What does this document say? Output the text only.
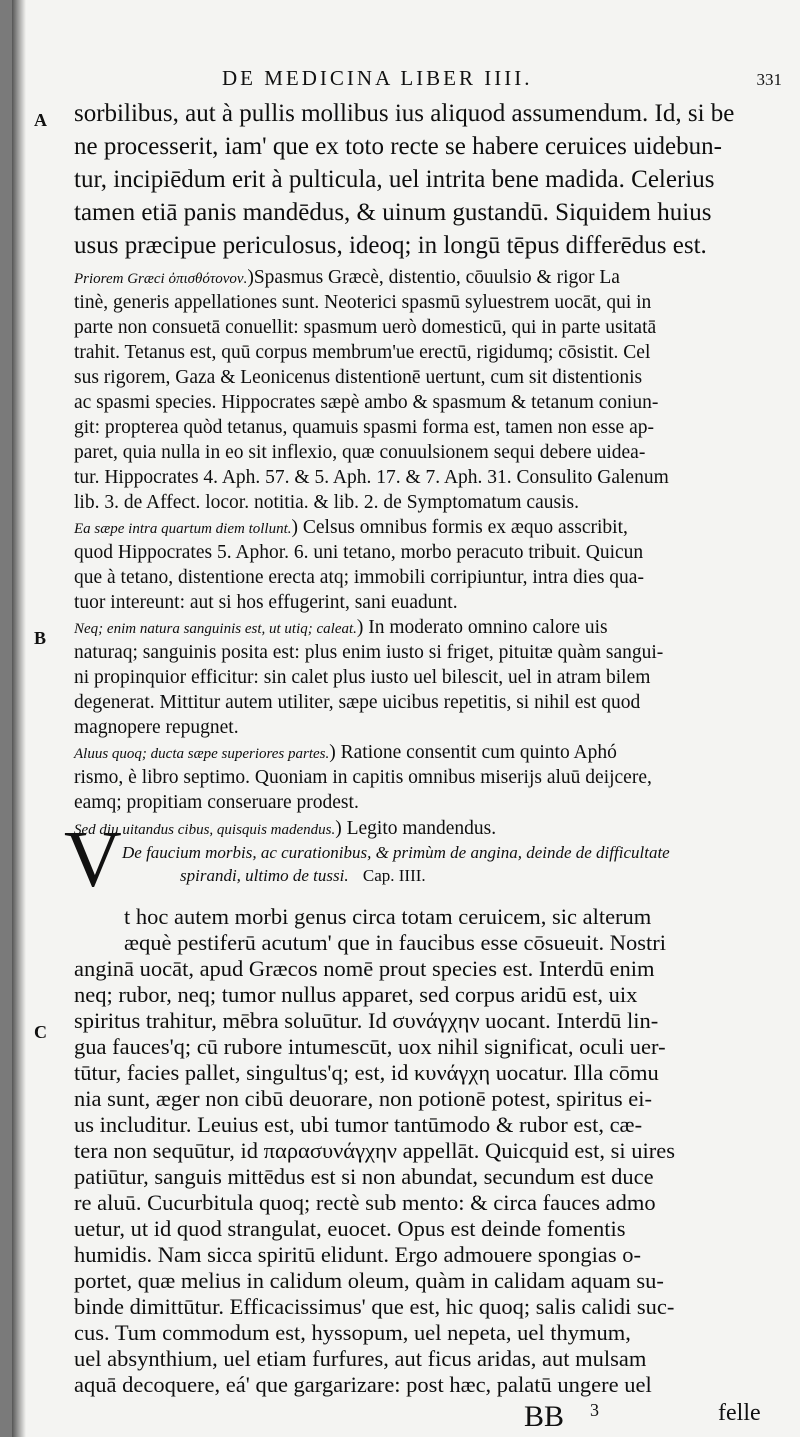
DE MEDICINA LIBER IIII.	331
A
B
C
sorbilibus, aut à pullis mollibus ius aliquod assumendum. Id, si be
ne processerit, iam' que ex toto recte se habere ceruices uidebun-
tur, incipiēdum erit à pulticula, uel intrita bene madida. Celerius
tamen etiā panis mandēdus, & uinum gustandū. Siquidem huius
usus præcipue periculosus, ideoq; in longū tēpus differēdus est.
Priorem Græci ὀπισθότονον.)Spasmus Græcè, distentio, cōuulsio & rigor La
tinè, generis appellationes sunt. Neoterici spasmū syluestrem uocāt, qui in
parte non consuetā conuellit: spasmum uerò domesticū, qui in parte usitatā
trahit. Tetanus est, quū corpus membrum'ue erectū, rigidumq; cōsistit. Cel
sus rigorem, Gaza & Leonicenus distentionē uertunt, cum sit distentionis
ac spasmi species. Hippocrates sæpè ambo & spasmum & tetanum coniun-
git: propterea quòd tetanus, quamuis spasmi forma est, tamen non esse ap-
paret, quia nulla in eo sit inflexio, quæ conuulsionem sequi debere uidea-
tur. Hippocrates 4. Aph. 57. & 5. Aph. 17. & 7. Aph. 31. Consulito Galenum
lib. 3. de Affect. locor. notitia. & lib. 2. de Symptomatum causis.
Ea sæpe intra quartum diem tollunt.) Celsus omnibus formis ex æquo asscribit,
quod Hippocrates 5. Aphor. 6. uni tetano, morbo peracuto tribuit. Quicun
que à tetano, distentione erecta atq; immobili corripiuntur, intra dies qua-
tuor intereunt: aut si hos effugerint, sani euadunt.
Neq; enim natura sanguinis est, ut utiq; caleat.) In moderato omnino calore uis
naturaq; sanguinis posita est: plus enim iusto si friget, pituitæ quàm sangui-
ni propinquior efficitur: sin calet plus iusto uel bilescit, uel in atram bilem
degenerat. Mittitur autem utiliter, sæpe uicibus repetitis, si nihil est quod
magnopere repugnet.
Aluus quoq; ducta sæpe superiores partes.) Ratione consentit cum quinto Aphó
rismo, è libro septimo. Quoniam in capitis omnibus miserijs aluū deijcere,
eamq; propitiam conseruare prodest.
Sed diu uitandus cibus, quisquis madendus.) Legito mandendus.
De faucium morbis, ac curationibus, & primùm de angina, deinde de difficultate
spirandi, ultimo de tussi. Cap. IIII.
V
t hoc autem morbi genus circa totam ceruicem, sic alterum
æquè pestiferū acutum' que in faucibus esse cōsueuit. Nostri
anginā uocāt, apud Græcos nomē prout species est. Interdū enim
neq; rubor, neq; tumor nullus apparet, sed corpus aridū est, uix
spiritus trahitur, mēbra soluūtur. Id συνάγχην uocant. Interdū lin-
gua fauces'q; cū rubore intumescūt, uox nihil significat, oculi uer-
tūtur, facies pallet, singultus'q; est, id κυνάγχη uocatur. Illa cōmu
nia sunt, æger non cibū deuorare, non potionē potest, spiritus ei-
us includitur. Leuius est, ubi tumor tantūmodo & rubor est, cæ-
tera non sequūtur, id παρασυνάγχην appellāt. Quicquid est, si uires
patiūtur, sanguis mittēdus est si non abundat, secundum est duce
re aluū. Cucurbitula quoq; rectè sub mento: & circa fauces admo
uetur, ut id quod strangulat, euocet. Opus est deinde fomentis
humidis. Nam sicca spiritū elidunt. Ergo admouere spongias o-
portet, quæ melius in calidum oleum, quàm in calidam aquam su-
binde dimittūtur. Efficacissimus' que est, hic quoq; salis calidi suc-
cus. Tum commodum est, hyssopum, uel nepeta, uel thymum,
uel absynthium, uel etiam furfures, aut ficus aridas, aut mulsam
aquā decoquere, eá' que gargarizare: post hæc, palatū ungere uel
BB 3	felle
